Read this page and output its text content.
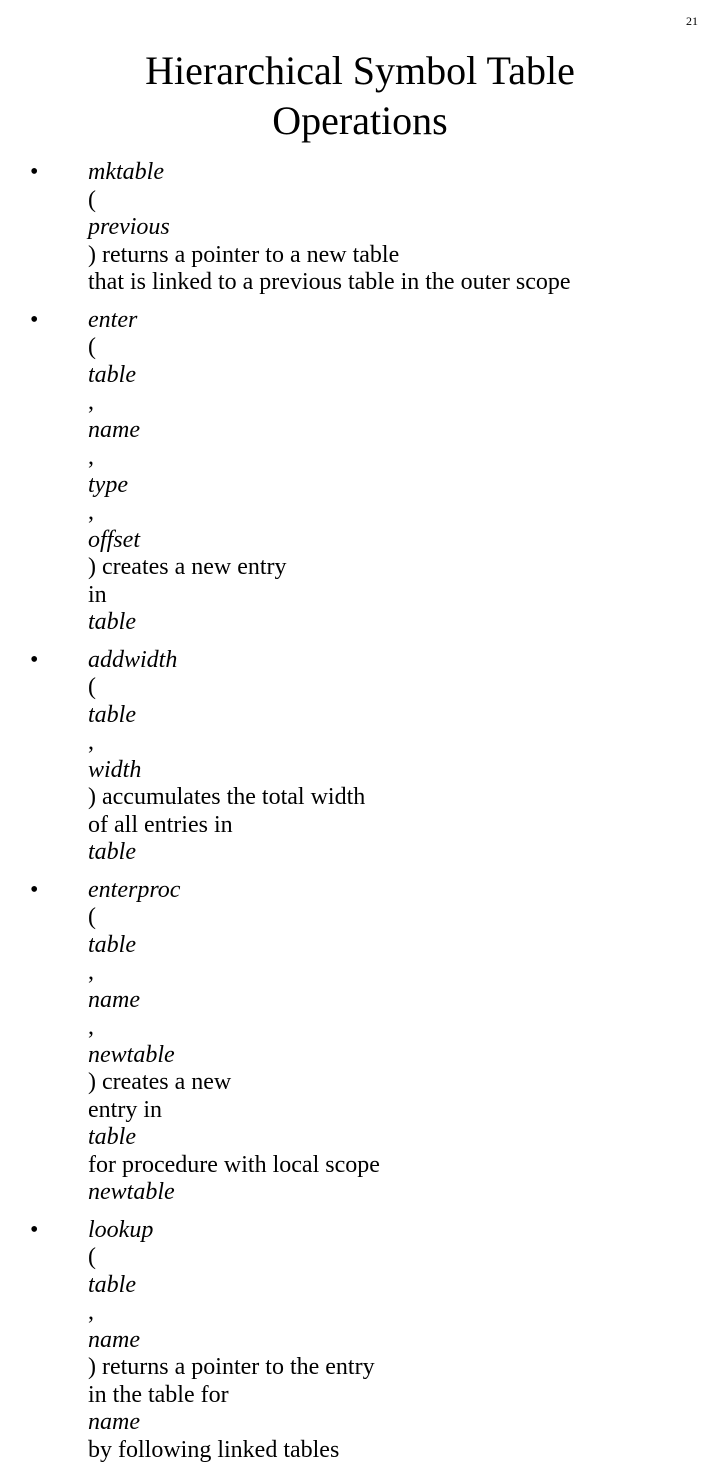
21
Hierarchical Symbol Table
Operations
•	mktable
(
previous
) returns a pointer to a new table
that is linked to a previous table in the outer scope
•	enter
(
table
,
name
,
type
,
offset
) creates a new entry
in
table
•	addwidth
(
table
,
width
) accumulates the total width
of all entries in
table
•	enterproc
(
table
,
name
,
newtable
) creates a new
entry in
table
for procedure with local scope
newtable
•	lookup
(
table
,
name
) returns a pointer to the entry
in the table for
name
by following linked tables
